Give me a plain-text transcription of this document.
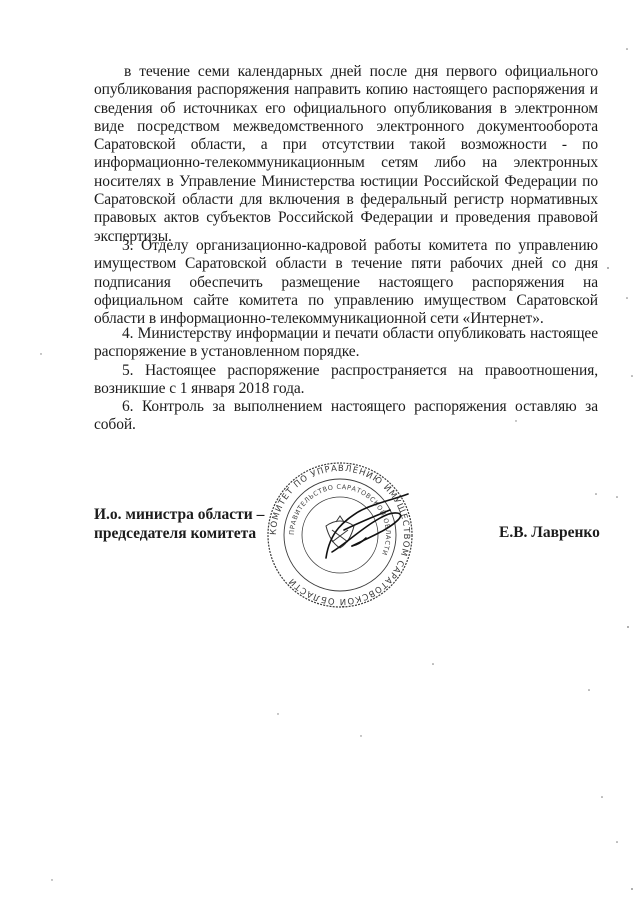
в течение семи календарных дней после дня первого официального опубликования распоряжения направить копию настоящего распоряжения и сведения об источниках его официального опубликования в электронном виде посредством межведомственного электронного документооборота Саратовской области, а при отсутствии такой возможности - по информационно-телекоммуникационным сетям либо на электронных носителях в Управление Министерства юстиции Российской Федерации по Саратовской области для включения в федеральный регистр нормативных правовых актов субъектов Российской Федерации и проведения правовой экспертизы.

3. Отделу организационно-кадровой работы комитета по управлению имуществом Саратовской области в течение пяти рабочих дней со дня подписания обеспечить размещение настоящего распоряжения на официальном сайте комитета по управлению имуществом Саратовской области в информационно-телекоммуникационной сети «Интернет».

4. Министерству информации и печати области опубликовать настоящее распоряжение в установленном порядке.

5. Настоящее распоряжение распространяется на правоотношения, возникшие с 1 января 2018 года.

6. Контроль за выполнением настоящего распоряжения оставляю за собой.

И.о. министра области –
председателя комитета	Е.В. Лавренко
КОМИТЕТ ПО УПРАВЛЕНИЮ ИМУЩЕСТВОМ САРАТОВСКОЙ ОБЛАСТИ
ПРАВИТЕЛЬСТВО САРАТОВСКОЙ ОБЛАСТИ
